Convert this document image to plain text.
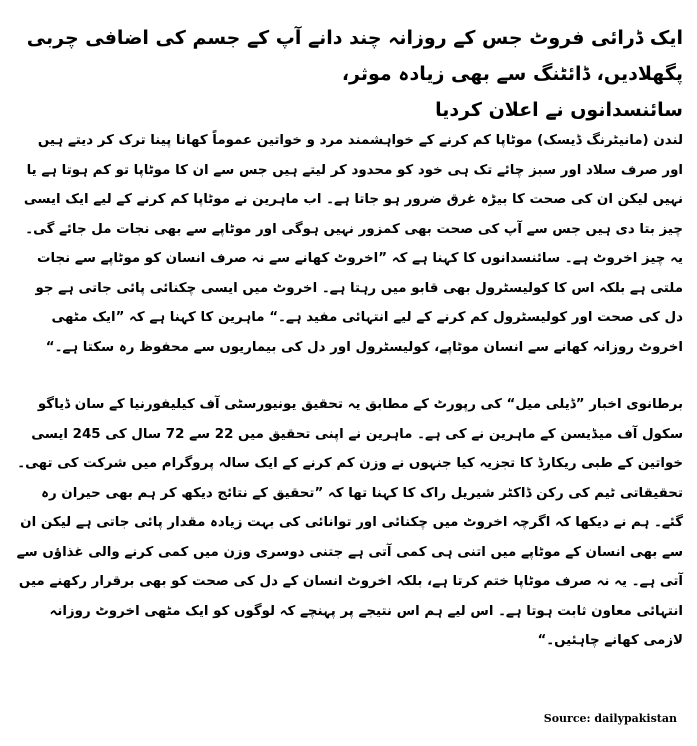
ایک ڈرائی فروٹ جس کے روزانہ چند دانے آپ کے جسم کی اضافی چربی پگھلادیں، ڈائٹنگ سے بھی زیادہ موثر،

سائنسدانوں نے اعلان کردیا

لندن (مانیٹرنگ ڈیسک) موٹاپا کم کرنے کے خواہشمند مرد و خواتین عموماً کھانا پینا ترک کر دیتے ہیں اور صرف سلاد اور سبز چائے تک ہی خود کو محدود کر لیتے ہیں جس سے ان کا موٹاپا تو کم ہوتا ہے یا نہیں لیکن ان کی صحت کا بیڑہ غرق ضرور ہو جاتا ہے۔ اب ماہرین نے موٹاپا کم کرنے کے لیے ایک ایسی چیز بتا دی ہیں جس سے آپ کی صحت بھی کمزور نہیں ہوگی اور موٹاپے سے بھی نجات مل جائے گی۔ یہ چیز اخروٹ ہے۔ سائنسدانوں کا کہنا ہے کہ ”اخروٹ کھانے سے نہ صرف انسان کو موٹاپے سے نجات ملتی ہے بلکہ اس کا کولیسٹرول بھی قابو میں رہتا ہے۔ اخروٹ میں ایسی چکنائی پائی جاتی ہے جو دل کی صحت اور کولیسٹرول کم کرنے کے لیے انتہائی مفید ہے۔“ ماہرین کا کہنا ہے کہ ”ایک مٹھی اخروٹ روزانہ کھانے سے انسان موٹاپے، کولیسٹرول اور دل کی بیماریوں سے محفوظ رہ سکتا ہے۔“

برطانوی اخبار ”ڈیلی میل“ کی رپورٹ کے مطابق یہ تحقیق یونیورسٹی آف کیلیفورنیا کے سان ڈیاگو سکول آف میڈیسن کے ماہرین نے کی ہے۔ ماہرین نے اپنی تحقیق میں 22 سے 72 سال کی 245 ایسی خواتین کے طبی ریکارڈ کا تجزیہ کیا جنہوں نے وزن کم کرنے کے ایک سالہ پروگرام میں شرکت کی تھی۔ تحقیقاتی ٹیم کی رکن ڈاکٹر شیریل راک کا کہنا تھا کہ ”تحقیق کے نتائج دیکھ کر ہم بھی حیران رہ گئے۔ ہم نے دیکھا کہ اگرچہ اخروٹ میں چکنائی اور توانائی کی بہت زیادہ مقدار پائی جاتی ہے لیکن ان سے بھی انسان کے موٹاپے میں اتنی ہی کمی آتی ہے جتنی دوسری وزن میں کمی کرنے والی غذاؤں سے آتی ہے۔ یہ نہ صرف موٹاپا ختم کرتا ہے، بلکہ اخروٹ انسان کے دل کی صحت کو بھی برقرار رکھنے میں انتہائی معاون ثابت ہوتا ہے۔ اس لیے ہم اس نتیجے پر پہنچے کہ لوگوں کو ایک مٹھی اخروٹ روزانہ لازمی کھانے چاہئیں۔“

Source: dailypakistan
